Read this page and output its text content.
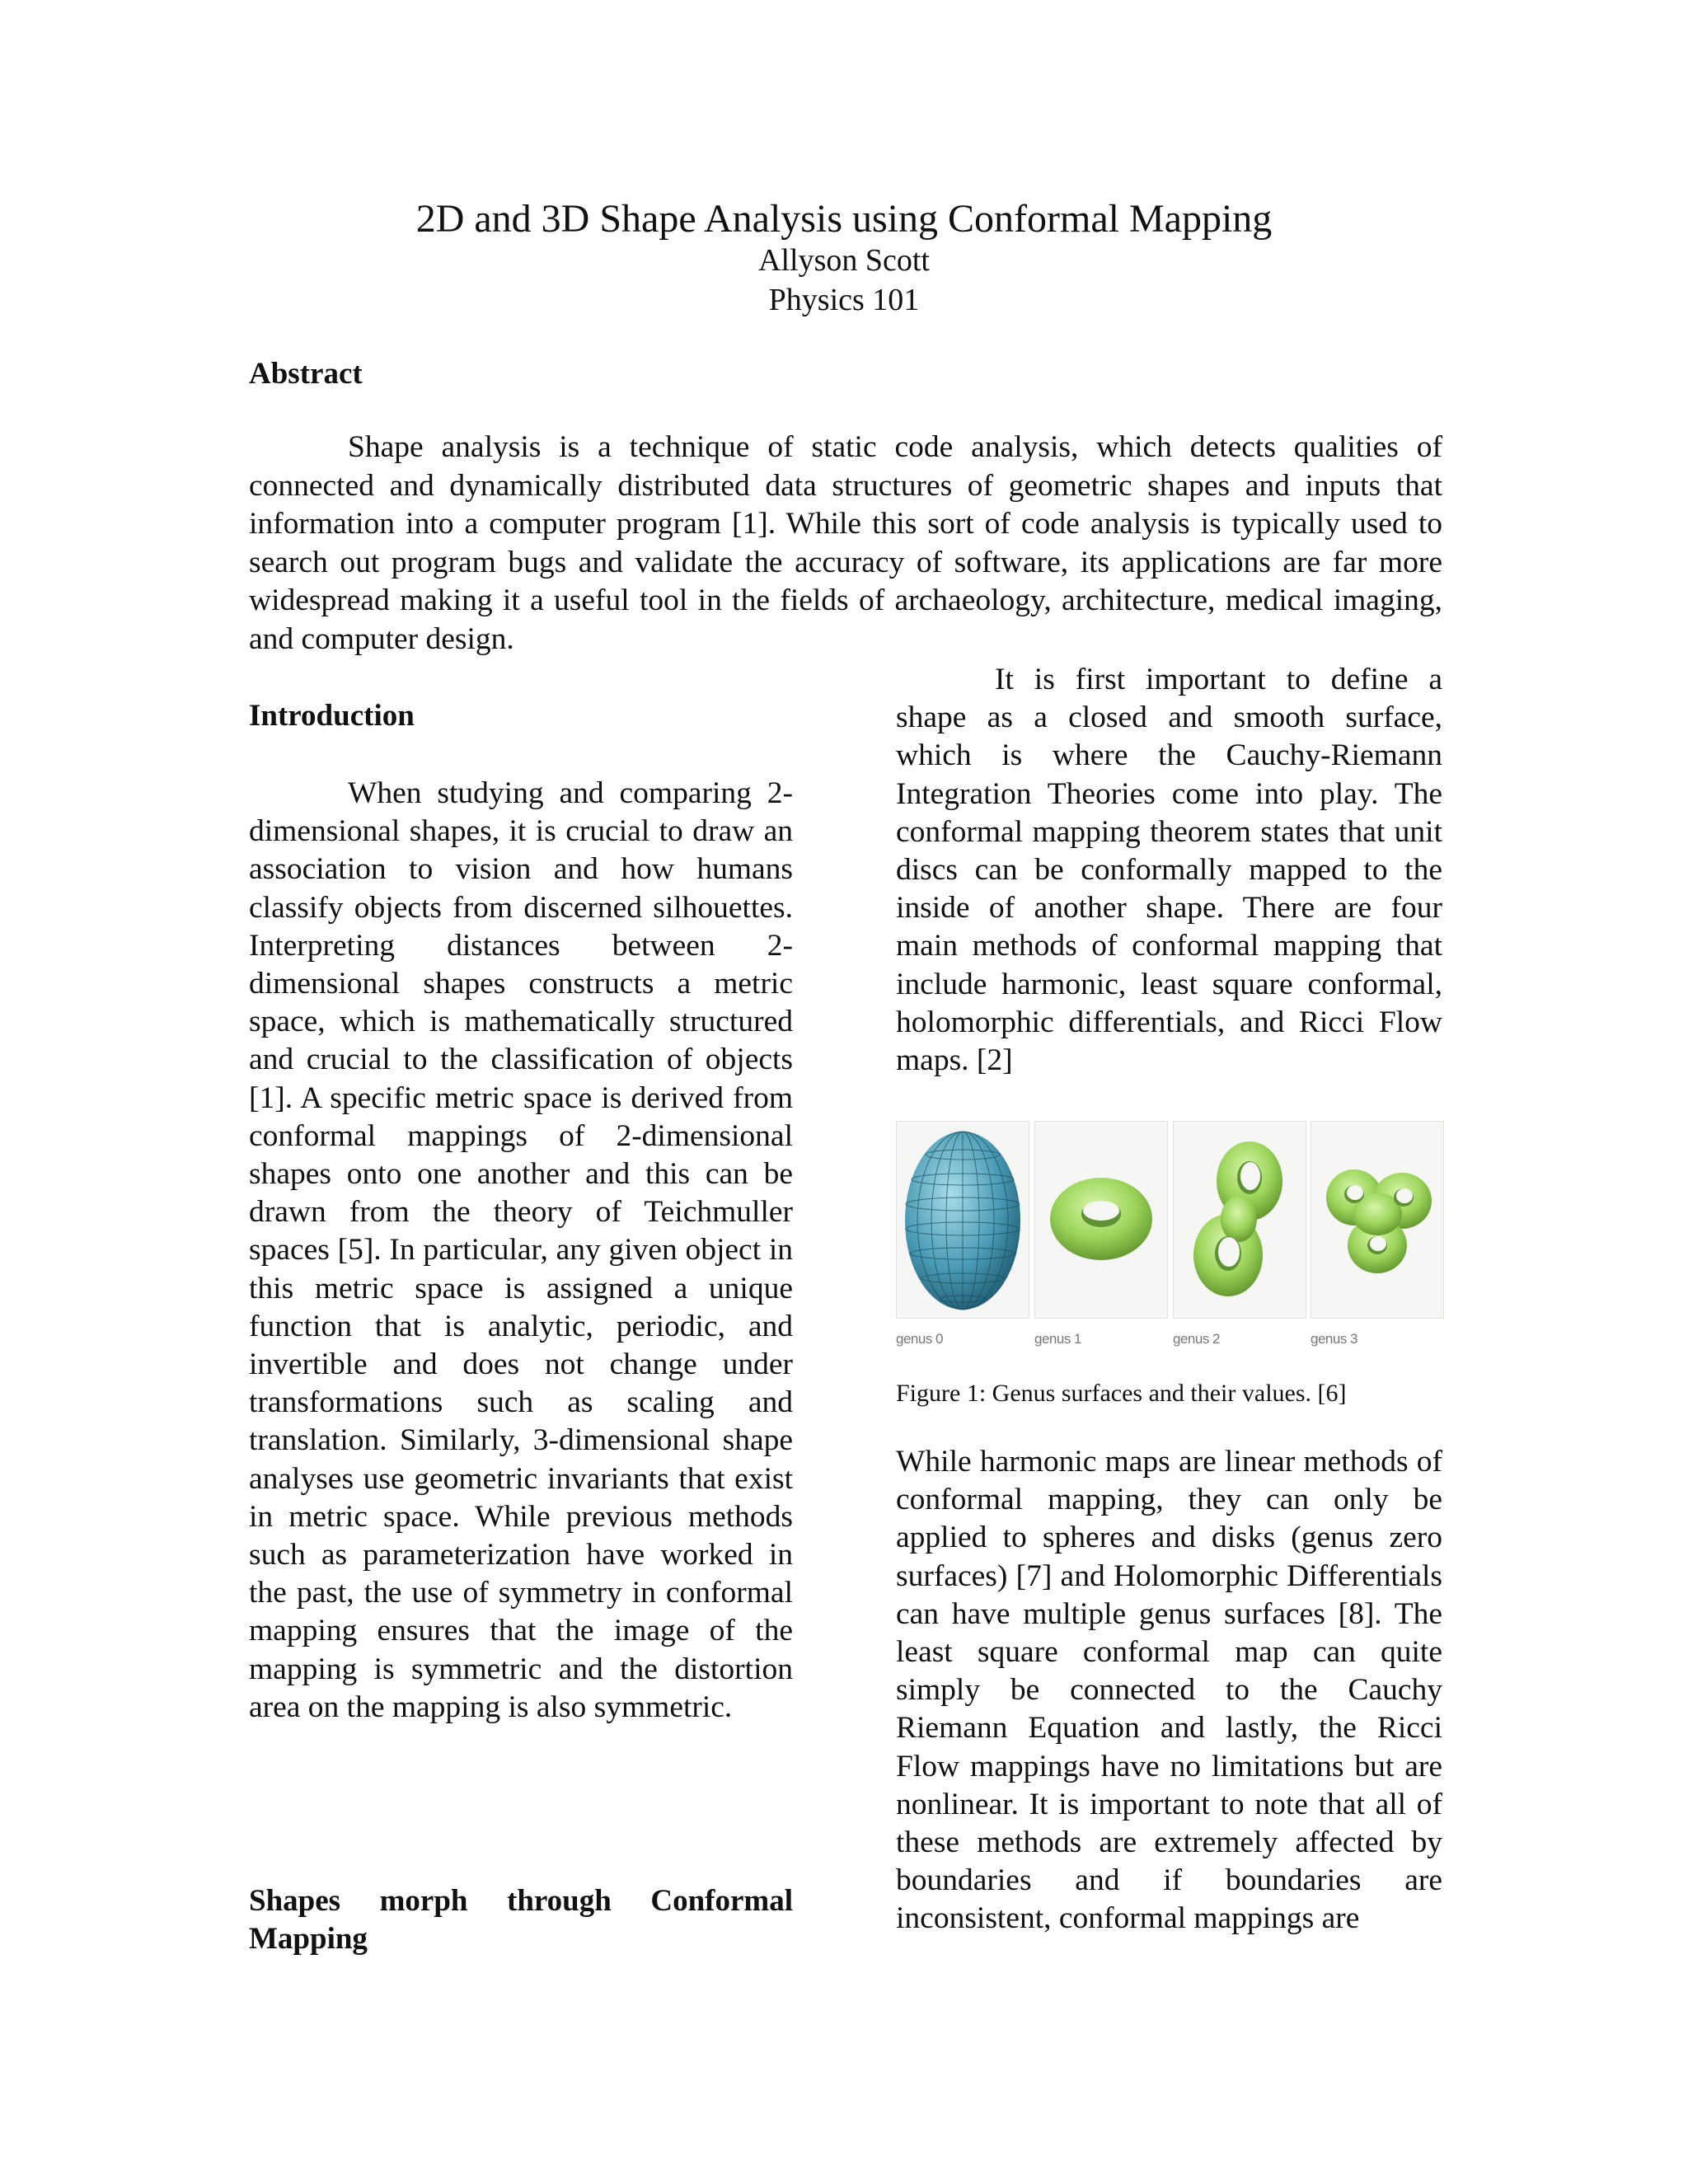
2D and 3D Shape Analysis using Conformal Mapping
Allyson Scott
Physics 101
Abstract

Shape analysis is a technique of static code analysis, which detects qualities of connected and dynamically distributed data structures of geometric shapes and inputs that information into a computer program [1]. While this sort of code analysis is typically used to search out program bugs and validate the accuracy of software, its applications are far more widespread making it a useful tool in the fields of archaeology, architecture, medical imaging, and computer design.

Introduction

When studying and comparing 2-dimensional shapes, it is crucial to draw an association to vision and how humans classify objects from discerned silhouettes. Interpreting distances between 2-dimensional shapes constructs a metric space, which is mathematically structured and crucial to the classification of objects [1]. A specific metric space is derived from conformal mappings of 2-dimensional shapes onto one another and this can be drawn from the theory of Teichmuller spaces [5]. In particular, any given object in this metric space is assigned a unique function that is analytic, periodic, and invertible and does not change under transformations such as scaling and translation. Similarly, 3-dimensional shape analyses use geometric invariants that exist in metric space. While previous methods such as parameterization have worked in the past, the use of symmetry in conformal mapping ensures that the image of the mapping is symmetric and the distortion area on the mapping is also symmetric.

Shapes morph through Conformal
Mapping

It is first important to define a shape as a closed and smooth surface, which is where the Cauchy-Riemann Integration Theories come into play. The conformal mapping theorem states that unit discs can be conformally mapped to the inside of another shape. There are four main methods of conformal mapping that include harmonic, least square conformal, holomorphic differentials, and Ricci Flow maps. [2]

genus 0	genus 1	genus 2	genus 3
Figure 1: Genus surfaces and their values. [6]

While harmonic maps are linear methods of conformal mapping, they can only be applied to spheres and disks (genus zero surfaces) [7] and Holomorphic Differentials can have multiple genus surfaces [8]. The least square conformal map can quite simply be connected to the Cauchy Riemann Equation and lastly, the Ricci Flow mappings have no limitations but are nonlinear. It is important to note that all of these methods are extremely affected by boundaries and if boundaries are inconsistent, conformal mappings are
